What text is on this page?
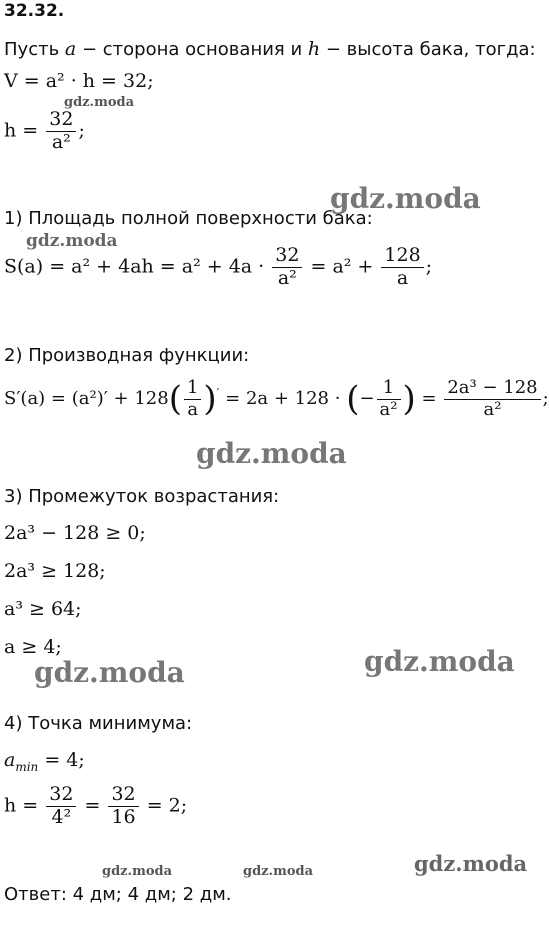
32.32.
Пусть a − сторона основания и h − высота бака, тогда:
V = a² · h = 32;
gdz.moda
$h = \frac{32}{\text{a²}}$ ;
gdz.moda
1) Площадь полной поверхности бака:
gdz.moda
$S(a) = a^2 + 4ah = a^2 + 4a \cdot \frac{32}{\text{a²}} = a^2 + \frac{128}{a}$ ;
2) Производная функции:
$S'(a) = (a^2)' + 128( \frac{1}{a} )' = 2a + 128$ · (− $\frac{1}{\text{a²}}$ ) = $\frac{\text{2a³ − 128}}{\text{a²}}$ ;
gdz.moda
3) Промежуток возрастания:
2a³ − 128 ≥ 0;
2a³ ≥ 128;
a³ ≥ 64;
a ≥ 4;
gdz.moda	gdz.moda
4) Точка минимума:
$a_{min} = 4$;
$h = \frac{32}{\text{4²}} = \frac{32}{16} = 2$;
gdz.moda	gdz.moda	gdz.moda
Ответ: 4 дм; 4 дм; 2 дм.
